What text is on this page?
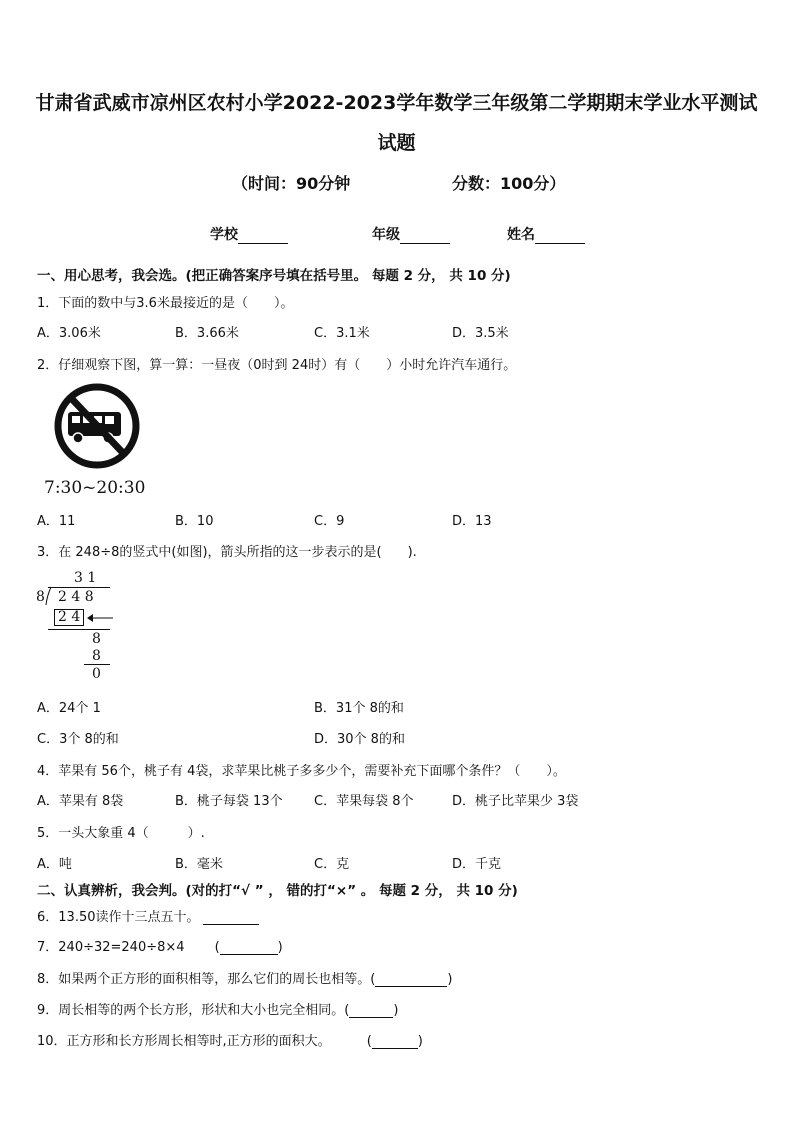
甘肃省武威市凉州区农村小学2022-2023学年数学三年级第二学期期末学业水平测试
试题
（时间：90分钟	分数：100分）
学校	年级	姓名
一、用心思考，我会选。(把正确答案序号填在括号里。 每题 2 分， 共 10 分)
1．下面的数中与3.6米最接近的是（　　）。
A．3.06米	B．3.66米	C．3.1米	D．3.5米
2．仔细观察下图，算一算：一昼夜（0时到 24时）有（　　）小时允许汽车通行。
7:30~20:30
A．11	B．10	C．9	D．13
3．在 248÷8的竖式中(如图)，箭头所指的这一步表示的是(　　).
3 1
8 2 4 8
2 4
8
8
0
A．24个 1	B．31个 8的和
C．3个 8的和	D．30个 8的和
4．苹果有 56个，桃子有 4袋，求苹果比桃子多多少个，需要补充下面哪个条件？（　　）。
A．苹果有 8袋	B．桃子每袋 13个 C．苹果每袋 8个	D．桃子比苹果少 3袋
5．一头大象重 4（　　　）.
A．吨	B．毫米	C．克	D．千克
二、认真辨析，我会判。(对的打“√ ” ， 错的打“×” 。 每题 2 分， 共 10 分)
6．13.50读作十三点五十。
7．240÷32=240÷8×4 (	)
8．如果两个正方形的面积相等，那么它们的周长也相等。(	)
9．周长相等的两个长方形，形状和大小也完全相同。(	)
10．正方形和长方形周长相等时,正方形的面积大。	(	)
